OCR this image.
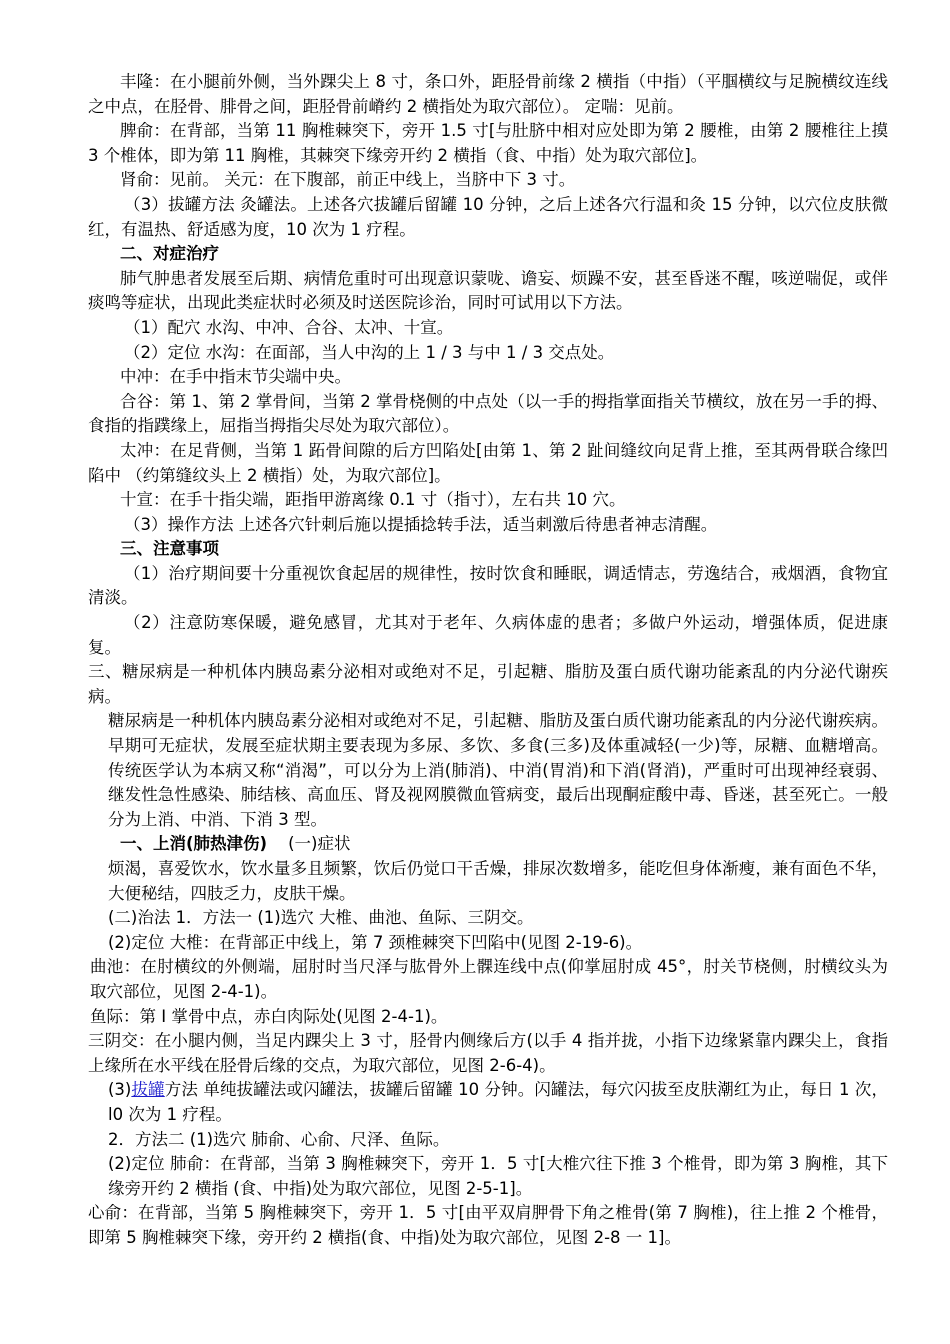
丰隆：在小腿前外侧，当外踝尖上 8 寸，条口外，距胫骨前缘 2 横指（中指）（平腘横纹与足腕横纹连线之中点，在胫骨、腓骨之间，距胫骨前嵴约 2 横指处为取穴部位）。 定喘：见前。

脾俞：在背部，当第 11 胸椎棘突下，旁开 1.5 寸[与肚脐中相对应处即为第 2 腰椎，由第 2 腰椎往上摸 3 个椎体，即为第 11 胸椎，其棘突下缘旁开约 2 横指（食、中指）处为取穴部位]。

肾俞：见前。 关元：在下腹部，前正中线上，当脐中下 3 寸。

（3）拔罐方法 灸罐法。上述各穴拔罐后留罐 10 分钟，之后上述各穴行温和灸 15 分钟，以穴位皮肤微红，有温热、舒适感为度，10 次为 1 疗程。

二、对症治疗

肺气肿患者发展至后期、病情危重时可出现意识蒙咙、谵妄、烦躁不安，甚至昏迷不醒，咳逆喘促，或伴痰鸣等症状，出现此类症状时必须及时送医院诊治，同时可试用以下方法。

（1）配穴 水沟、中冲、合谷、太冲、十宣。

（2）定位 水沟：在面部，当人中沟的上 1 / 3 与中 1 / 3 交点处。

中冲：在手中指末节尖端中央。

合谷：第 1、第 2 掌骨间，当第 2 掌骨桡侧的中点处（以一手的拇指掌面指关节横纹，放在另一手的拇、食指的指蹼缘上，屈指当拇指尖尽处为取穴部位）。

太冲：在足背侧，当第 1 跖骨间隙的后方凹陷处[由第 1、第 2 趾间缝纹向足背上推，至其两骨联合缘凹陷中 （约第缝纹头上 2 横指）处，为取穴部位]。

十宣：在手十指尖端，距指甲游离缘 0.1 寸（指寸），左右共 10 穴。

（3）操作方法 上述各穴针刺后施以提插捻转手法，适当刺激后待患者神志清醒。

三、注意事项

（1）治疗期间要十分重视饮食起居的规律性，按时饮食和睡眠，调适情志，劳逸结合，戒烟酒，食物宜清淡。

（2）注意防寒保暖，避免感冒，尤其对于老年、久病体虚的患者；多做户外运动，增强体质，促进康复。

三、糖尿病是一种机体内胰岛素分泌相对或绝对不足，引起糖、脂肪及蛋白质代谢功能紊乱的内分泌代谢疾病。

糖尿病是一种机体内胰岛素分泌相对或绝对不足，引起糖、脂肪及蛋白质代谢功能紊乱的内分泌代谢疾病。早期可无症状，发展至症状期主要表现为多尿、多饮、多食(三多)及体重减轻(一少)等，尿糖、血糖增高。传统医学认为本病又称“消渴”，可以分为上消(肺消)、中消(胃消)和下消(肾消)，严重时可出现神经衰弱、继发性急性感染、肺结核、高血压、肾及视网膜微血管病变，最后出现酮症酸中毒、昏迷，甚至死亡。一般分为上消、中消、下消 3 型。

一、上消(肺热津伤) (一)症状

烦渴，喜爱饮水，饮水量多且频繁，饮后仍觉口干舌燥，排尿次数增多，能吃但身体渐瘦，兼有面色不华，大便秘结，四肢乏力，皮肤干燥。

(二)治法 1．方法一 (1)选穴 大椎、曲池、鱼际、三阴交。

(2)定位 大椎：在背部正中线上，第 7 颈椎棘突下凹陷中(见图 2-19-6)。

曲池：在肘横纹的外侧端，屈肘时当尺泽与肱骨外上髁连线中点(仰掌屈肘成 45°，肘关节桡侧，肘横纹头为取穴部位，见图 2-4-1)。

鱼际：第 I 掌骨中点，赤白肉际处(见图 2-4-1)。

三阴交：在小腿内侧，当足内踝尖上 3 寸，胫骨内侧缘后方(以手 4 指并拢，小指下边缘紧靠内踝尖上，食指上缘所在水平线在胫骨后缘的交点，为取穴部位，见图 2-6-4)。

(3)拔罐方法 单纯拔罐法或闪罐法，拔罐后留罐 10 分钟。闪罐法，每穴闪拔至皮肤潮红为止，每日 1 次，l0 次为 1 疗程。

2．方法二 (1)选穴 肺俞、心俞、尺泽、鱼际。

(2)定位 肺俞：在背部，当第 3 胸椎棘突下，旁开 1．5 寸[大椎穴往下推 3 个椎骨，即为第 3 胸椎，其下缘旁开约 2 横指 (食、中指)处为取穴部位，见图 2-5-1]。

心俞：在背部，当第 5 胸椎棘突下，旁开 1．5 寸[由平双肩胛骨下角之椎骨(第 7 胸椎)，往上推 2 个椎骨，即第 5 胸椎棘突下缘，旁开约 2 横指(食、中指)处为取穴部位，见图 2-8 一 1]。
